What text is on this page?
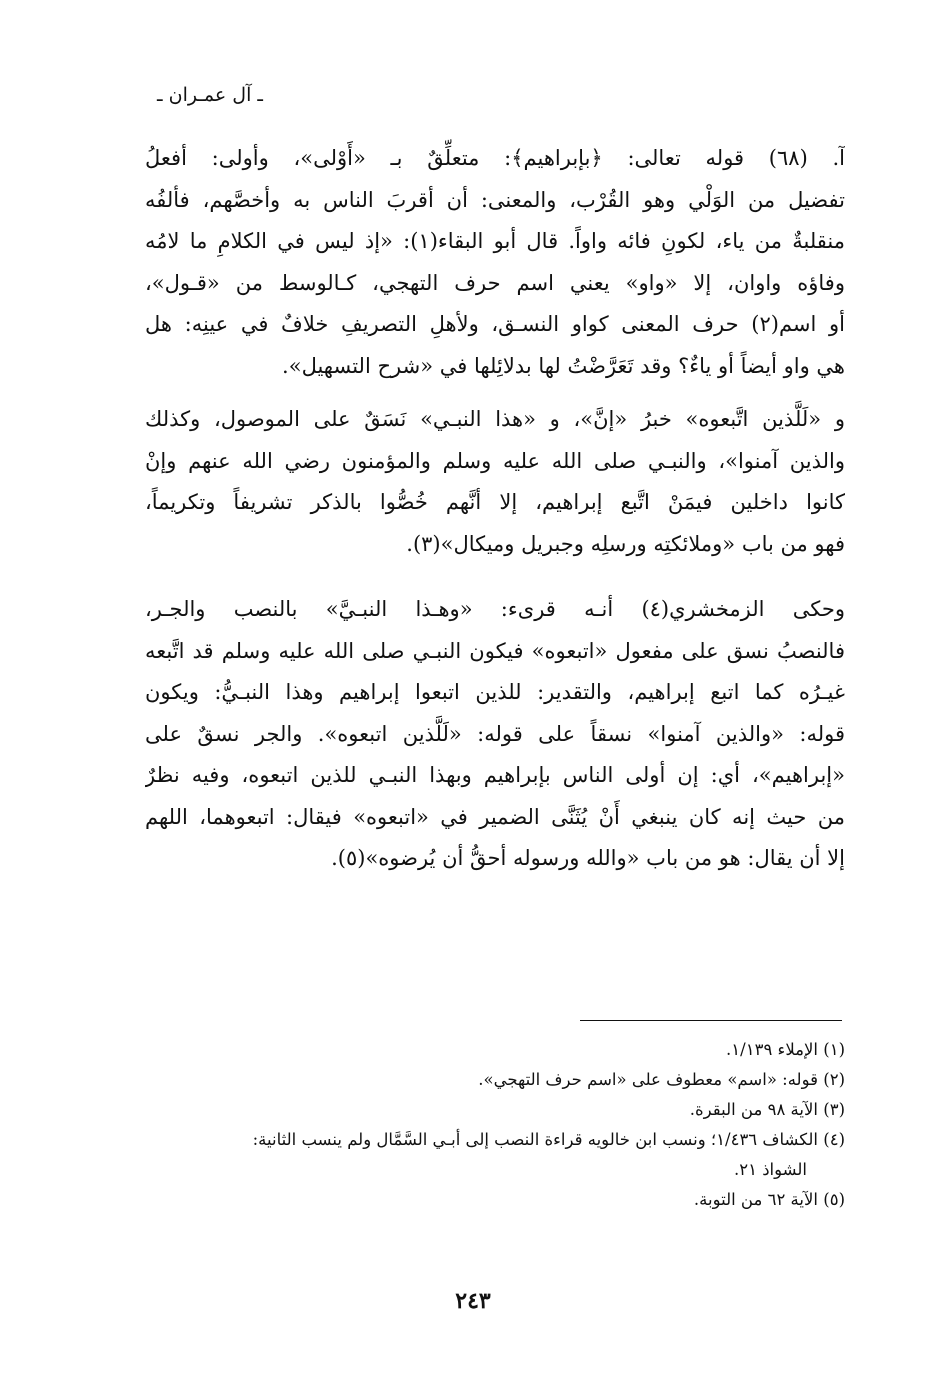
ـ آل عمـران ـ
آ. (٦٨) قوله تعالى: ﴿بإبراهيم﴾: متعلِّقٌ بـ «أَوْلى»، وأولى: أفعلُ
تفضيل من الوَلْي وهو القُرْب، والمعنى: أن أقربَ الناس به وأخصَّهم، فألفُه
منقلبةٌ من ياء، لكونِ فائه واواً. قال أبو البقاء(١): «إذ ليس في الكلامِ ما لامُه
وفاؤه واوان، إلا «واو» يعني اسم حرف التهجي، كـالوسط من «قـول»،
أو اسم(٢) حرف المعنى كواو النسـق، ولأهلِ التصريفِ خلافٌ في عينِه: هل
هي واو أيضاً أو ياءٌ؟ وقد تَعَرَّضْتُ لها بدلائِلها في «شرح التسهيل».
و «لَلَّذين اتَّبعوه» خبرُ «إنَّ»، و «هذا النبـي» نَسَقٌ على الموصول، وكذلك
والذين آمنوا»، والنبـي صلى الله عليه وسلم والمؤمنون رضي الله عنهم وإنْ
كانوا داخلين فيمَنْ اتَّبع إبراهيم، إلا أنَّهم خُصُّوا بالذكر تشريفاً وتكريماً،
فهو من باب «وملائكتِه ورسلِه وجبريل وميكال»(٣).
وحكى الزمخشري(٤) أنـه قرىء: «وهـذا النبـيَّ» بالنصب والجـر،
فالنصبُ نسق على مفعول «اتبعوه» فيكون النبـي صلى الله عليه وسلم قد اتَّبعه
غيـرُه كما اتبع إبراهيم، والتقدير: للذين اتبعوا إبراهيم وهذا النبـيُّ: ويكون
قوله: «والذين آمنوا» نسقاً على قوله: «لَلَّذين اتبعوه». والجر نسقٌ على
«إبراهيم»، أي: إن أولى الناس بإبراهيم وبهذا النبـي للذين اتبعوه، وفيه نظرٌ
من حيث إنه كان ينبغي أَنْ يُثَنَّى الضمير في «اتبعوه» فيقال: اتبعوهما، اللهم
إلا أن يقال: هو من باب «والله ورسوله أحقُّ أن يُرضوه»(٥).
(١) الإملاء ١/١٣٩.
(٢) قوله: «اسم» معطوف على «اسم حرف التهجي».
(٣) الآية ٩٨ من البقرة.
(٤) الكشاف ١/٤٣٦؛ ونسب ابن خالويه قراءة النصب إلى أبـي السَّمَّال ولم ينسب الثانية:
الشواذ ٢١.
(٥) الآية ٦٢ من التوبة.
٢٤٣
